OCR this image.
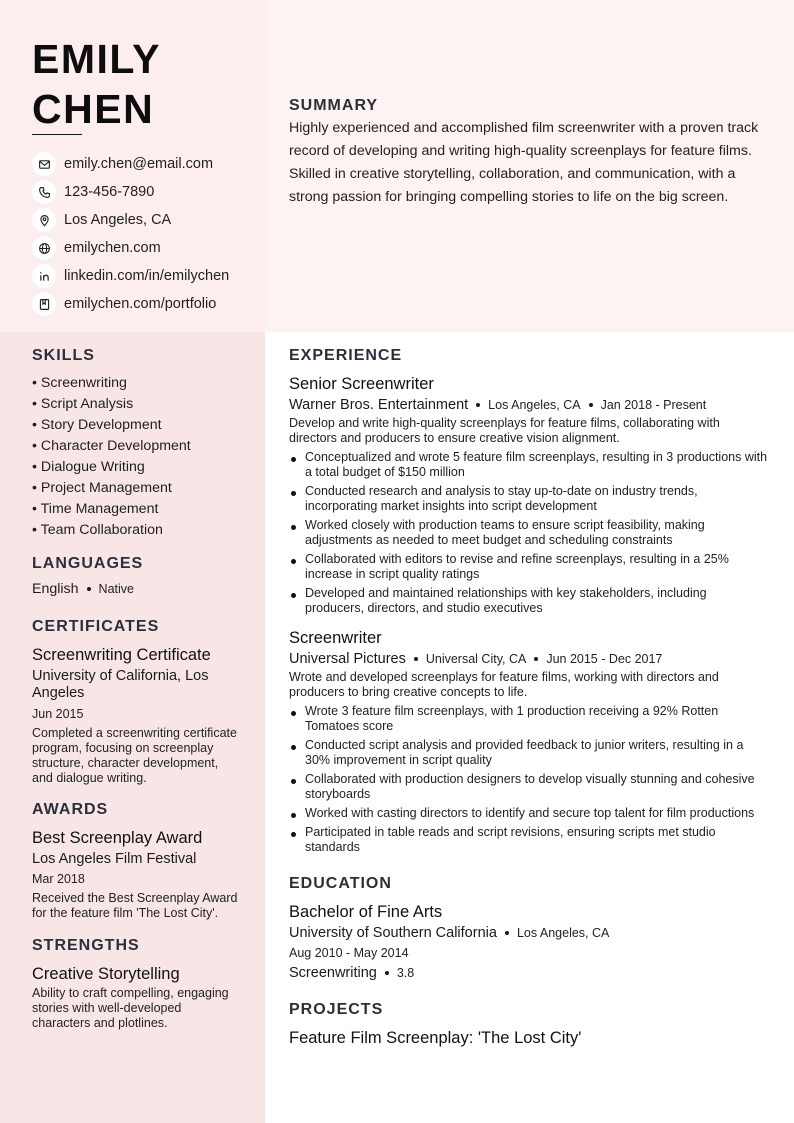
EMILY
CHEN
emily.chen@email.com
123-456-7890
Los Angeles, CA
emilychen.com
linkedin.com/in/emilychen
emilychen.com/portfolio
SUMMARY

Highly experienced and accomplished film screenwriter with a proven track record of developing and writing high-quality screenplays for feature films. Skilled in creative storytelling, collaboration, and communication, with a strong passion for bringing compelling stories to life on the big screen.

SKILLS
• Screenwriting
• Script Analysis
• Story Development
• Character Development
• Dialogue Writing
• Project Management
• Time Management
• Team Collaboration
LANGUAGES
English Native
CERTIFICATES
Screenwriting Certificate
University of California, Los Angeles
Jun 2015
Completed a screenwriting certificate program, focusing on screenplay structure, character development, and dialogue writing.
AWARDS
Best Screenplay Award
Los Angeles Film Festival
Mar 2018
Received the Best Screenplay Award for the feature film 'The Lost City'.
STRENGTHS
Creative Storytelling
Ability to craft compelling, engaging stories with well-developed characters and plotlines.
EXPERIENCE
Senior Screenwriter
Warner Bros. Entertainment Los Angeles, CA Jan 2018 - Present
Develop and write high-quality screenplays for feature films, collaborating with directors and producers to ensure creative vision alignment.
Conceptualized and wrote 5 feature film screenplays, resulting in 3 productions with a total budget of $150 million
Conducted research and analysis to stay up-to-date on industry trends, incorporating market insights into script development
Worked closely with production teams to ensure script feasibility, making adjustments as needed to meet budget and scheduling constraints
Collaborated with editors to revise and refine screenplays, resulting in a 25% increase in script quality ratings
Developed and maintained relationships with key stakeholders, including producers, directors, and studio executives
Screenwriter
Universal Pictures Universal City, CA Jun 2015 - Dec 2017
Wrote and developed screenplays for feature films, working with directors and producers to bring creative concepts to life.
Wrote 3 feature film screenplays, with 1 production receiving a 92% Rotten Tomatoes score
Conducted script analysis and provided feedback to junior writers, resulting in a 30% improvement in script quality
Collaborated with production designers to develop visually stunning and cohesive storyboards
Worked with casting directors to identify and secure top talent for film productions
Participated in table reads and script revisions, ensuring scripts met studio standards
EDUCATION
Bachelor of Fine Arts
University of Southern California Los Angeles, CA
Aug 2010 - May 2014
Screenwriting 3.8
PROJECTS
Feature Film Screenplay: 'The Lost City'
